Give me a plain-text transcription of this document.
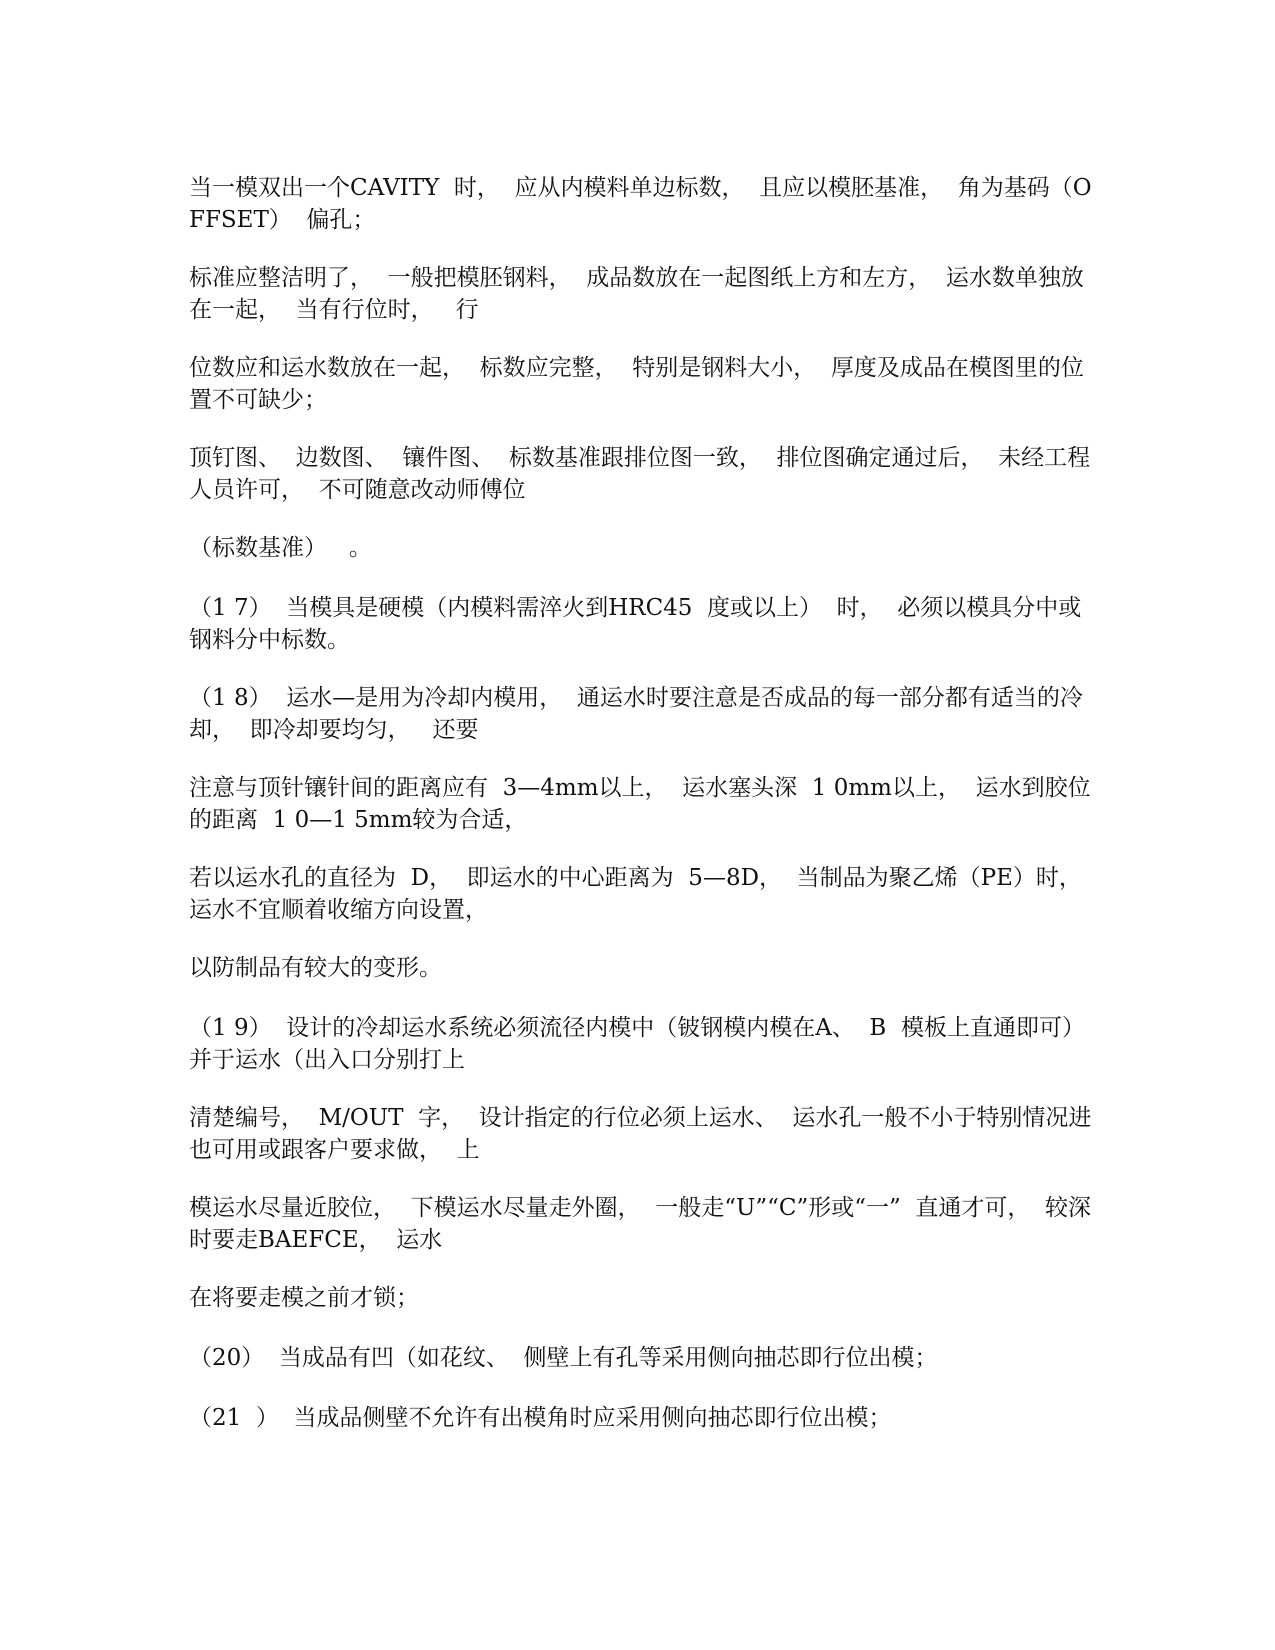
当一模双出一个CAVITY  时，  应从内模料单边标数，  且应以模胚基准，  角为基码（OFFSET）  偏孔；

标准应整洁明了，  一般把模胚钢料，  成品数放在一起图纸上方和左方，  运水数单独放在一起，  当有行位时，   行

位数应和运水数放在一起，  标数应完整，  特别是钢料大小，  厚度及成品在模图里的位置不可缺少；

顶钉图、  边数图、  镶件图、  标数基准跟排位图一致，  排位图确定通过后，  未经工程人员许可，  不可随意改动师傅位

（标数基准）   。

（1 7）  当模具是硬模（内模料需淬火到HRC45  度或以上）  时，  必须以模具分中或钢料分中标数。

（1 8）  运水—是用为冷却内模用，  通运水时要注意是否成品的每一部分都有适当的冷却，  即冷却要均匀，   还要

注意与顶针镶针间的距离应有  3—4mm以上，  运水塞头深  1 0mm以上，  运水到胶位的距离  1 0—1 5mm较为合适，

若以运水孔的直径为  D，  即运水的中心距离为  5—8D，  当制品为聚乙烯（PE）时，  运水不宜顺着收缩方向设置，

以防制品有较大的变形。

（1 9）  设计的冷却运水系统必须流径内模中（铍钢模内模在A、  B  模板上直通即可）  并于运水（出入口分别打上

清楚编号，  M/OUT  字，  设计指定的行位必须上运水、  运水孔一般不小于特别情况进也可用或跟客户要求做，  上

模运水尽量近胶位，  下模运水尽量走外圈，  一般走“U”“C”形或“一”  直通才可，  较深时要走BAEFCE，  运水

在将要走模之前才锁；

（20）  当成品有凹（如花纹、  侧壁上有孔等采用侧向抽芯即行位出模；

（21  ）  当成品侧壁不允许有出模角时应采用侧向抽芯即行位出模；
